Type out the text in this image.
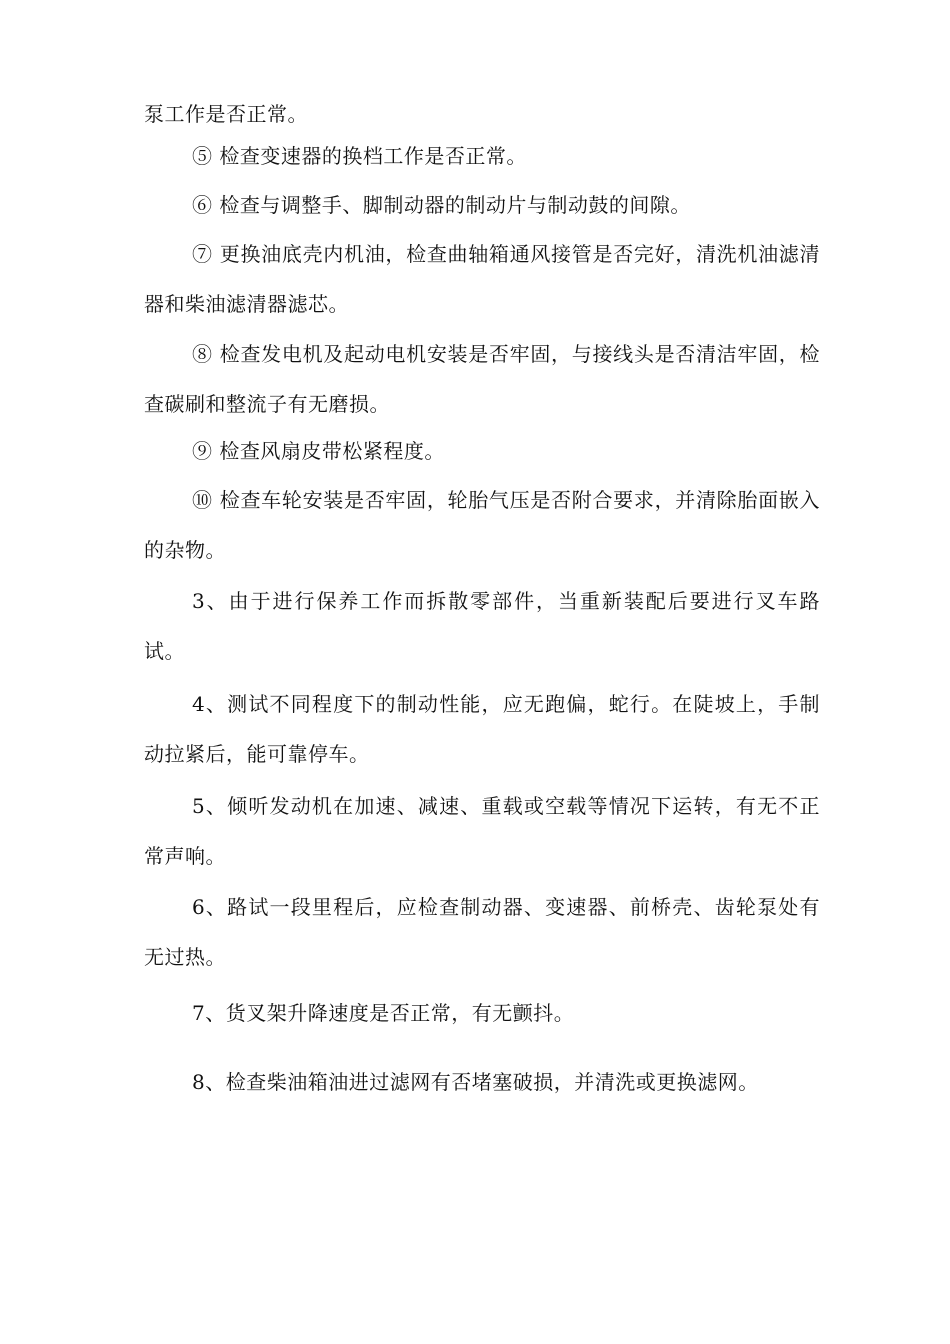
泵工作是否正常。

⑤ 检查变速器的换档工作是否正常。

⑥ 检查与调整手、脚制动器的制动片与制动鼓的间隙。

⑦ 更换油底壳内机油，检查曲轴箱通风接管是否完好，清洗机油滤清器和柴油滤清器滤芯。

⑧ 检查发电机及起动电机安装是否牢固，与接线头是否清洁牢固，检查碳刷和整流子有无磨损。

⑨ 检查风扇皮带松紧程度。

⑩ 检查车轮安装是否牢固，轮胎气压是否附合要求，并清除胎面嵌入的杂物。

3、由于进行保养工作而拆散零部件，当重新装配后要进行叉车路试。

4、测试不同程度下的制动性能，应无跑偏，蛇行。在陡坡上，手制动拉紧后，能可靠停车。

5、倾听发动机在加速、减速、重载或空载等情况下运转，有无不正常声响。

6、路试一段里程后，应检查制动器、变速器、前桥壳、齿轮泵处有无过热。

7、货叉架升降速度是否正常，有无颤抖。

8、检查柴油箱油进过滤网有否堵塞破损，并清洗或更换滤网。
